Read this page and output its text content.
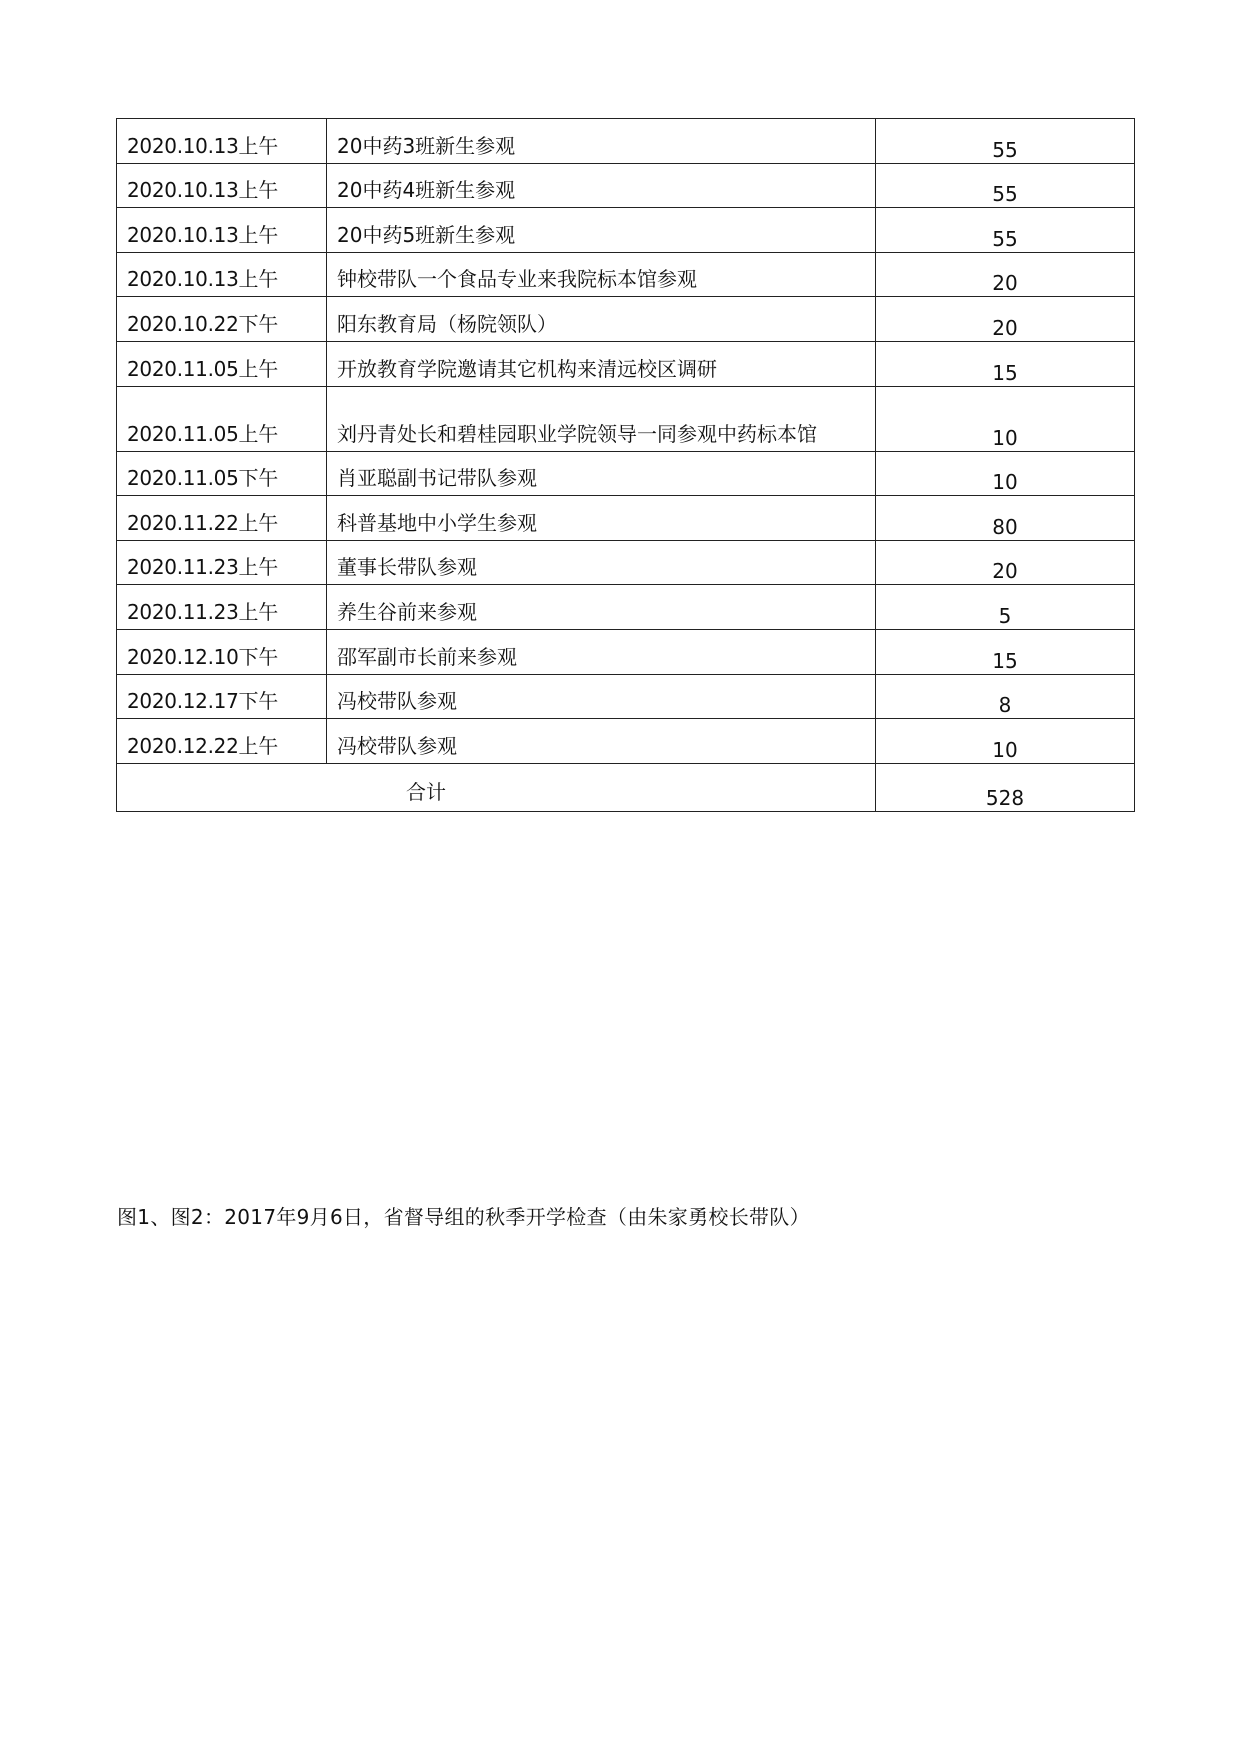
2020.10.13上午	20中药3班新生参观	55
2020.10.13上午	20中药4班新生参观	55
2020.10.13上午	20中药5班新生参观	55
2020.10.13上午	钟校带队一个食品专业来我院标本馆参观	20
2020.10.22下午	阳东教育局（杨院领队）	20
2020.11.05上午	开放教育学院邀请其它机构来清远校区调研	15
2020.11.05上午	刘丹青处长和碧桂园职业学院领导一同参观中药标本馆	10
2020.11.05下午	肖亚聪副书记带队参观	10
2020.11.22上午	科普基地中小学生参观	80
2020.11.23上午	董事长带队参观	20
2020.11.23上午	养生谷前来参观	5
2020.12.10下午	邵军副市长前来参观	15
2020.12.17下午	冯校带队参观	8
2020.12.22上午	冯校带队参观	10
合计		528
图1、图2：2017年9月6日，省督导组的秋季开学检查（由朱家勇校长带队）
